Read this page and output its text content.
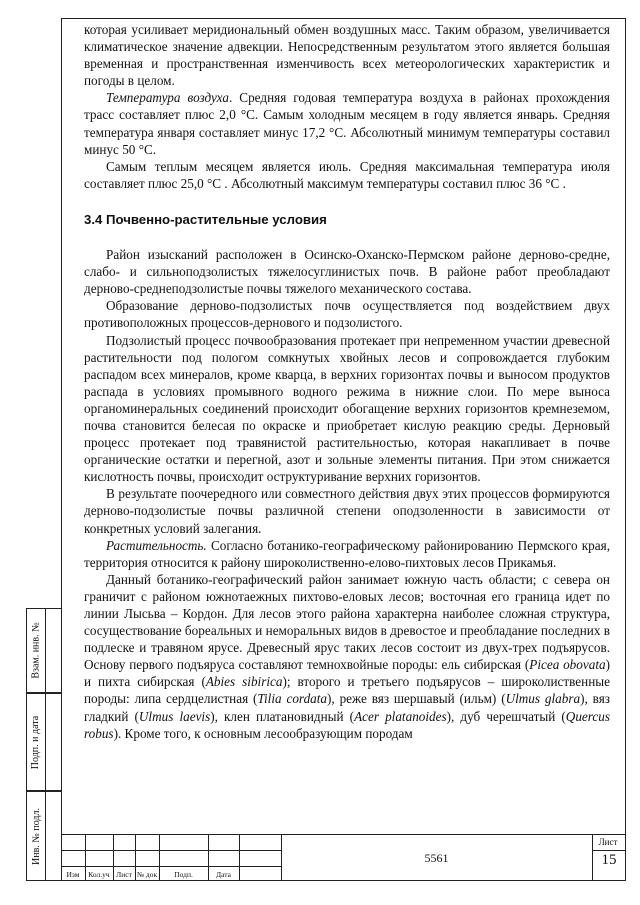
которая усиливает меридиональный обмен воздушных масс. Таким образом, увеличивается климатическое значение адвекции. Непосредственным результатом этого является большая временная и пространственная изменчивость всех метеорологических характеристик и погоды в целом.

Температура воздуха. Средняя годовая температура воздуха в районах прохождения трасс составляет плюс 2,0 °C. Самым холодным месяцем в году является январь. Средняя температура января составляет минус 17,2 °C. Абсолютный минимум температуры составил минус 50 °C.

Самым теплым месяцем является июль. Средняя максимальная температура июля составляет плюс 25,0 °C . Абсолютный максимум температуры составил плюс 36 °C .

3.4 Почвенно-растительные условия

Район изысканий расположен в Осинско-Оханско-Пермском районе дерново-средне, слабо- и сильноподзолистых тяжелосуглинистых почв. В районе работ преобладают дерново-среднеподзолистые почвы тяжелого механического состава.

Образование дерново-подзолистых почв осуществляется под воздействием двух противоположных процессов-дернового и подзолистого.

Подзолистый процесс почвообразования протекает при непременном участии древесной растительности под пологом сомкнутых хвойных лесов и сопровождается глубоким распадом всех минералов, кроме кварца, в верхних горизонтах почвы и выносом продуктов распада в условиях промывного водного режима в нижние слои. По мере выноса органоминеральных соединений происходит обогащение верхних горизонтов кремнеземом, почва становится белесая по окраске и приобретает кислую реакцию среды. Дерновый процесс протекает под травянистой растительностью, которая накапливает в почве органические остатки и перегной, азот и зольные элементы питания. При этом снижается кислотность почвы, происходит оструктуривание верхних горизонтов.

В результате поочередного или совместного действия двух этих процессов формируются дерново-подзолистые почвы различной степени оподзоленности в зависимости от конкретных условий залегания.

Растительность. Согласно ботанико-географическому районированию Пермского края, территория относится к району широколиственно-елово-пихтовых лесов Прикамья.

Данный ботанико-географический район занимает южную часть области; с севера он граничит с районом южнотаежных пихтово-еловых лесов; восточная его граница идет по линии Лысьва – Кордон. Для лесов этого района характерна наиболее сложная структура, сосуществование бореальных и неморальных видов в древостое и преобладание последних в подлеске и травяном ярусе. Древесный ярус таких лесов состоит из двух-трех подъярусов. Основу первого подъяруса составляют темнохвойные породы: ель сибирская (Picea obovata) и пихта сибирская (Abies sibirica); второго и третьего подъярусов – широколиственные породы: липа сердцелистная (Tilia cordata), реже вяз шершавый (ильм) (Ulmus glabra), вяз гладкий (Ulmus laevis), клен платановидный (Acer platanoides), дуб черешчатый (Quercus robus). Кроме того, к основным лесообразующим породам

Взам. инв. №
Подп. и дата
Инв. № подл.
Изм	Кол.уч Лист № док	Подп.	Дата
5561
Лист
15
